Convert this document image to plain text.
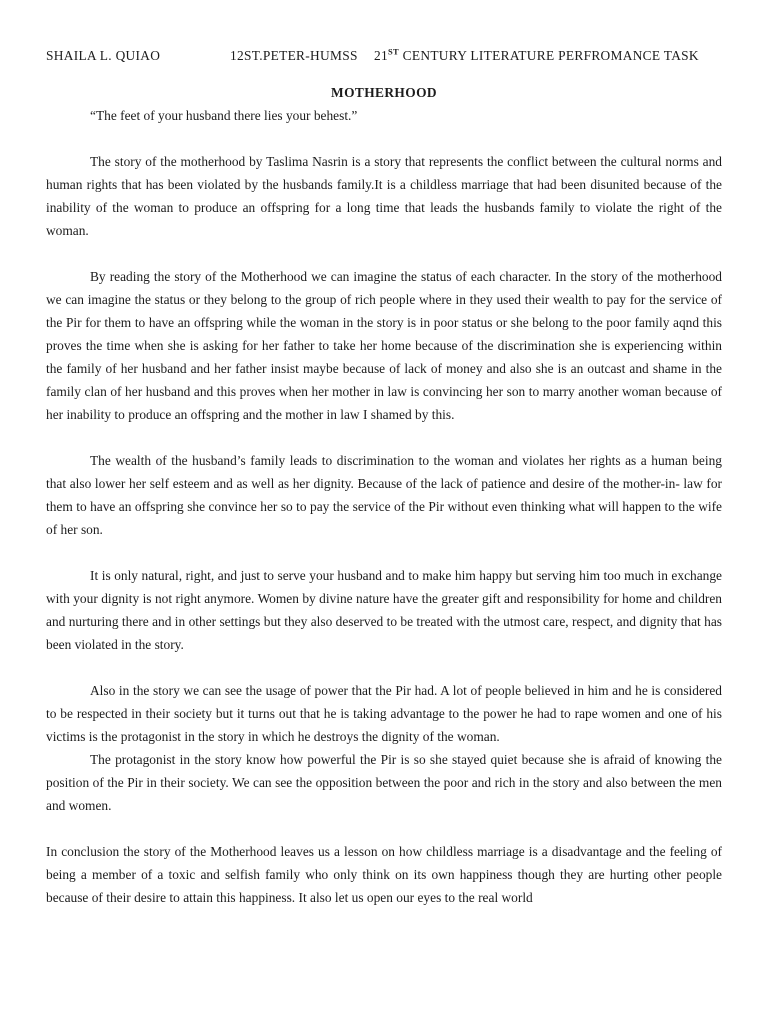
SHAILA L. QUIAO	12ST.PETER-HUMSS 21ST CENTURY LITERATURE PERFROMANCE TASK

MOTHERHOOD

“The feet of your husband there lies your behest.”

The story of the motherhood by Taslima Nasrin is a story that represents the conflict between the cultural norms and human rights that has been violated by the husbands family.It is a childless marriage that had been disunited because of the inability of the woman to produce an offspring for a long time that leads the husbands family to violate the right of the woman.

By reading the story of the Motherhood we can imagine the status of each character. In the story of the motherhood we can imagine the status or they belong to the group of rich people where in they used their wealth to pay for the service of the Pir for them to have an offspring while the woman in the story is in poor status or she belong to the poor family aqnd this proves the time when she is asking for her father to take her home because of the discrimination she is experiencing within the family of her husband and her father insist maybe because of lack of money and also she is an outcast and shame in the family clan of her husband and this proves when her mother in law is convincing her son to marry another woman because of her inability to produce an offspring and the mother in law I shamed by this.

The wealth of the husband’s family leads to discrimination to the woman and violates her rights as a human being that also lower her self esteem and as well as her dignity. Because of the lack of patience and desire of the mother-in- law for them to have an offspring she convince her so to pay the service of the Pir without even thinking what will happen to the wife of her son.

It is only natural, right, and just to serve your husband and to make him happy but serving him too much in exchange with your dignity is not right anymore. Women by divine nature have the greater gift and responsibility for home and children and nurturing there and in other settings but they also deserved to be treated with the utmost care, respect, and dignity that has been violated in the story.

Also in the story we can see the usage of power that the Pir had. A lot of people believed in him and he is considered to be respected in their society but it turns out that he is taking advantage to the power he had to rape women and one of his victims is the protagonist in the story in which he destroys the dignity of the woman.

The protagonist in the story know how powerful the Pir is so she stayed quiet because she is afraid of knowing the position of the Pir in their society. We can see the opposition between the poor and rich in the story and also between the men and women.

In conclusion the story of the Motherhood leaves us a lesson on how childless marriage is a disadvantage and the feeling of being a member of a toxic and selfish family who only think on its own happiness though they are hurting other people because of their desire to attain this happiness. It also let us open our eyes to the real world
